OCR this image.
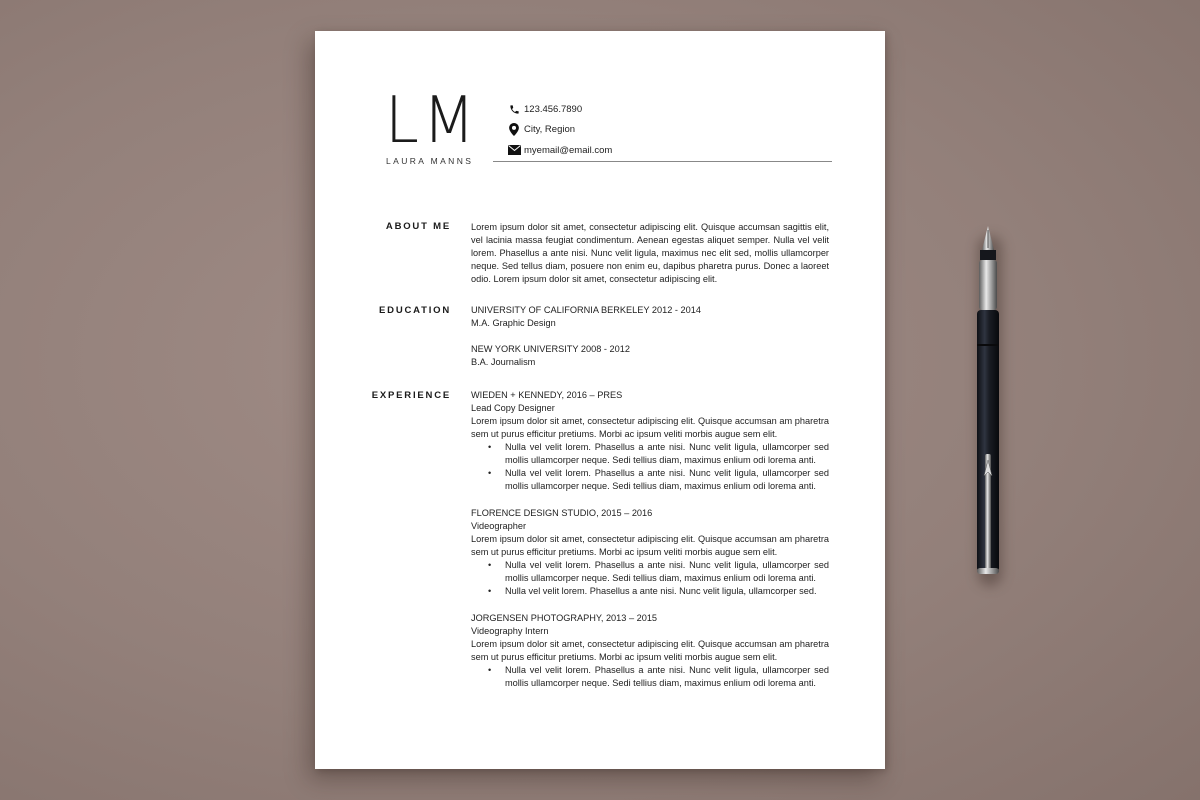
LM
LAURA MANNS
123.456.7890
City, Region
myemail@email.com
ABOUT ME Lorem ipsum dolor sit amet, consectetur adipiscing elit. Quisque accumsan sagittis elit, vel lacinia massa feugiat condimentum. Aenean egestas aliquet semper. Nulla vel velit lorem. Phasellus a ante nisi. Nunc velit ligula, maximus nec elit sed, mollis ullamcorper neque. Sed tellus diam, posuere non enim eu, dapibus pharetra purus. Donec a laoreet odio. Lorem ipsum dolor sit amet, consectetur adipiscing elit.
EDUCATION UNIVERSITY OF CALIFORNIA BERKELEY 2012 - 2014
M.A. Graphic Design
NEW YORK UNIVERSITY 2008 - 2012
B.A. Journalism
EXPERIENCE WIEDEN + KENNEDY, 2016 – PRES
Lead Copy Designer

Lorem ipsum dolor sit amet, consectetur adipiscing elit. Quisque accumsan am pharetra sem ut purus efficitur pretiums. Morbi ac ipsum veliti morbis augue sem elit.

• Nulla vel velit lorem. Phasellus a ante nisi. Nunc velit ligula, ullamcorper sed mollis ullamcorper neque. Sedi tellius diam, maximus enlium odi lorema anti.
• Nulla vel velit lorem. Phasellus a ante nisi. Nunc velit ligula, ullamcorper sed mollis ullamcorper neque. Sedi tellius diam, maximus enlium odi lorema anti.
FLORENCE DESIGN STUDIO, 2015 – 2016
Videographer

Lorem ipsum dolor sit amet, consectetur adipiscing elit. Quisque accumsan am pharetra sem ut purus efficitur pretiums. Morbi ac ipsum veliti morbis augue sem elit.

• Nulla vel velit lorem. Phasellus a ante nisi. Nunc velit ligula, ullamcorper sed mollis ullamcorper neque. Sedi tellius diam, maximus enlium odi lorema anti.
• Nulla vel velit lorem. Phasellus a ante nisi. Nunc velit ligula, ullamcorper sed.
JORGENSEN PHOTOGRAPHY, 2013 – 2015
Videography Intern

Lorem ipsum dolor sit amet, consectetur adipiscing elit. Quisque accumsan am pharetra sem ut purus efficitur pretiums. Morbi ac ipsum veliti morbis augue sem elit.

• Nulla vel velit lorem. Phasellus a ante nisi. Nunc velit ligula, ullamcorper sed mollis ullamcorper neque. Sedi tellius diam, maximus enlium odi lorema anti.
